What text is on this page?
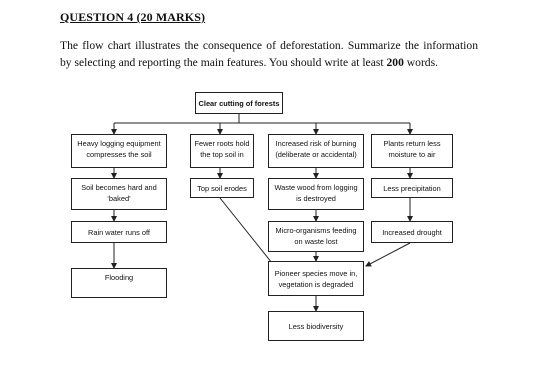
QUESTION 4 (20 MARKS)
The flow chart illustrates the consequence of deforestation. Summarize the information by selecting and reporting the main features. You should write at least 200 words.
Clear cutting of forests
Heavy logging equipment compresses the soil
Soil becomes hard and ‘baked’
Rain water runs off
Flooding
Fewer roots hold the top soil in
Top soil erodes
Increased risk of burning (deliberate or accidental)
Waste wood from logging is destroyed
Micro-organisms feeding on waste lost
Plants return less moisture to air
Less precipitation
Increased drought
Pioneer species move in, vegetation is degraded
Less biodiversity
